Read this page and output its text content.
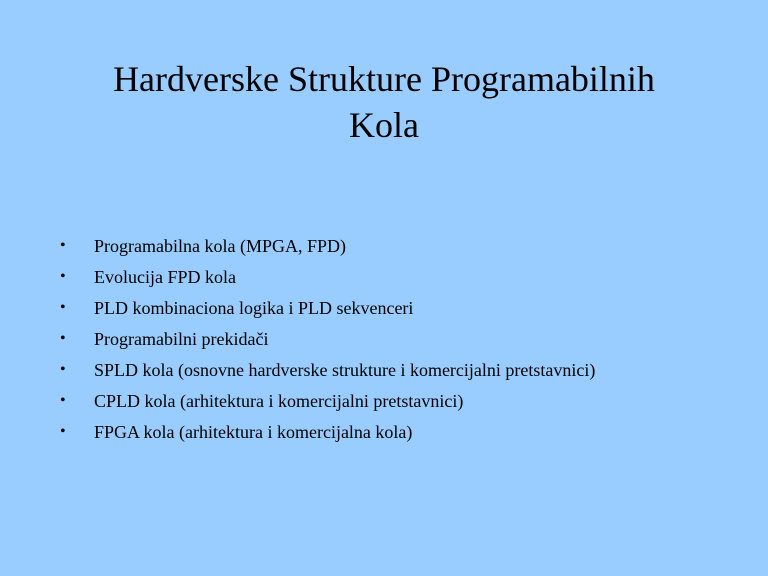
Hardverske Strukture Programabilnih
Kola
•	Programabilna kola (MPGA, FPD)
•	Evolucija FPD kola
•	PLD kombinaciona logika i PLD sekvenceri
•	Programabilni prekidači
•	SPLD kola (osnovne hardverske strukture i komercijalni pretstavnici)
•	CPLD kola (arhitektura i komercijalni pretstavnici)
•	FPGA kola (arhitektura i komercijalna kola)
